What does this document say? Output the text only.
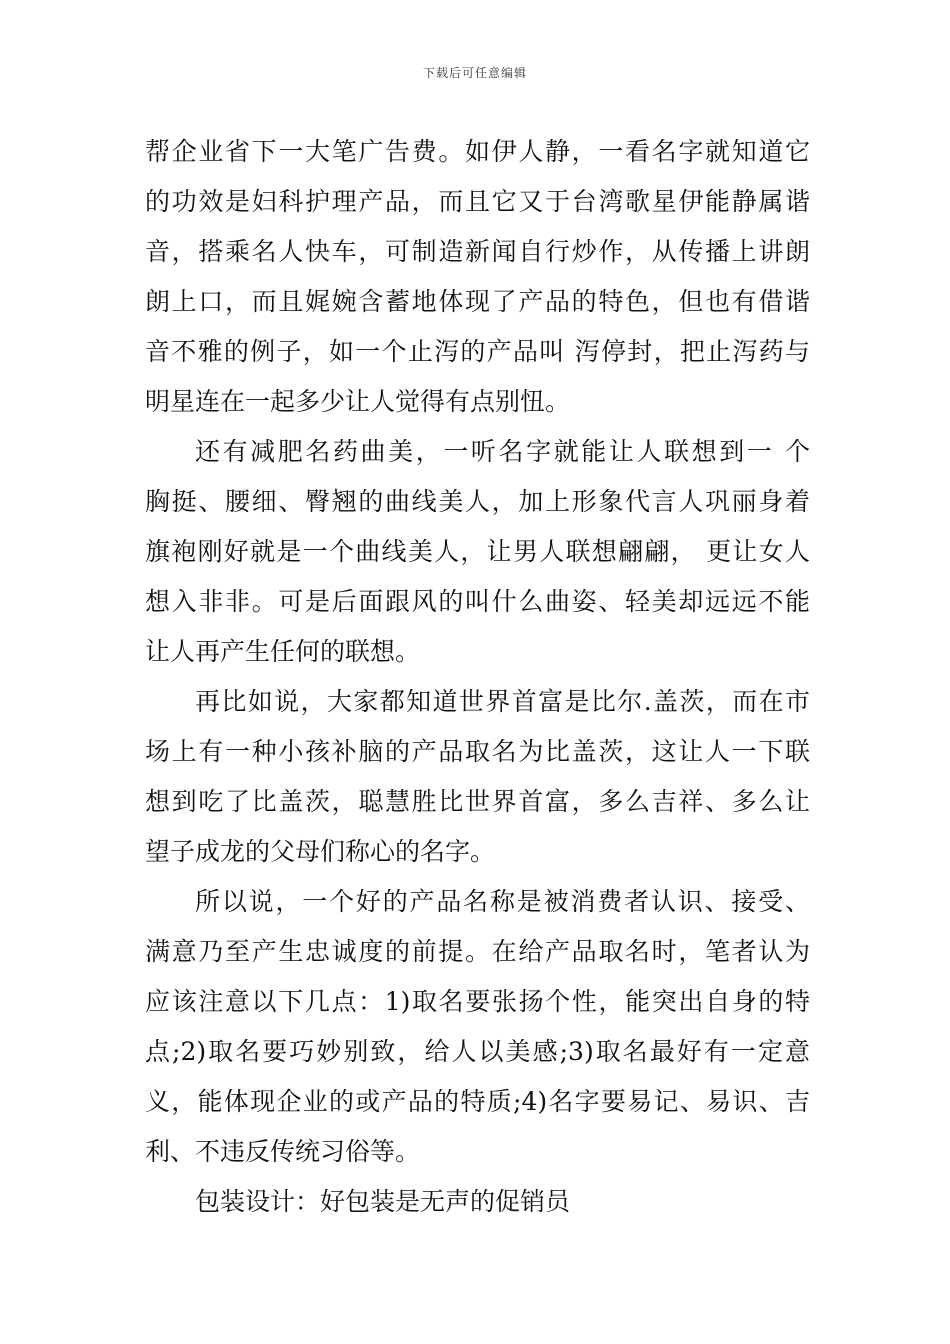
下载后可任意编辑
帮企业省下一大笔广告费。如伊人静，一看名字就知道它
的功效是妇科护理产品，而且它又于台湾歌星伊能静属谐
音，搭乘名人快车，可制造新闻自行炒作，从传播上讲朗
朗上口，而且娓婉含蓄地体现了产品的特色，但也有借谐
音不雅的例子，如一个止泻的产品叫 泻停封，把止泻药与
明星连在一起多少让人觉得有点别忸。
还有减肥名药曲美，一听名字就能让人联想到一 个
胸挺、腰细、臀翘的曲线美人，加上形象代言人巩丽身着
旗袍刚好就是一个曲线美人，让男人联想翩翩， 更让女人
想入非非。可是后面跟风的叫什么曲姿、轻美却远远不能
让人再产生任何的联想。
再比如说，大家都知道世界首富是比尔.盖茨，而在市
场上有一种小孩补脑的产品取名为比盖茨，这让人一下联
想到吃了比盖茨，聪慧胜比世界首富，多么吉祥、多么让
望子成龙的父母们称心的名字。
所以说，一个好的产品名称是被消费者认识、接受、
满意乃至产生忠诚度的前提。在给产品取名时，笔者认为
应该注意以下几点：1)取名要张扬个性，能突出自身的特
点;2)取名要巧妙别致，给人以美感;3)取名最好有一定意
义，能体现企业的或产品的特质;4)名字要易记、易识、吉
利、不违反传统习俗等。
包装设计：好包装是无声的促销员
